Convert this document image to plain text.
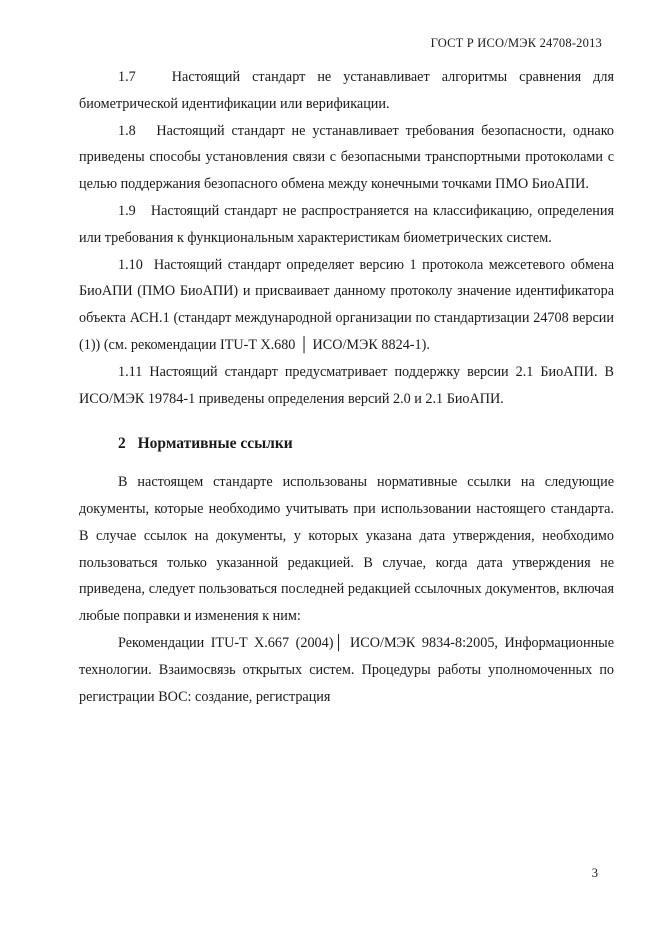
ГОСТ Р ИСО/МЭК 24708-2013

1.7   Настоящий стандарт не устанавливает алгоритмы сравнения для биометрической идентификации или верификации.

1.8   Настоящий стандарт не устанавливает требования безопасности, однако приведены способы установления связи с безопасными транспортными протоколами с целью поддержания безопасного обмена между конечными точками ПМО БиоАПИ.

1.9   Настоящий стандарт не распространяется на классификацию, определения или требования к функциональным характеристикам биометрических систем.

1.10  Настоящий стандарт определяет версию 1 протокола межсетевого обмена БиоАПИ (ПМО БиоАПИ) и присваивает данному протоколу значение идентификатора объекта АСН.1 (стандарт международной организации по стандартизации 24708 версии (1)) (см. рекомендации ITU-T X.680 │ ИСО/МЭК 8824-1).

1.11 Настоящий стандарт предусматривает поддержку версии 2.1 БиоАПИ. В ИСО/МЭК 19784-1 приведены определения версий 2.0 и 2.1 БиоАПИ.

2 Нормативные ссылки

В настоящем стандарте использованы нормативные ссылки на следующие документы, которые необходимо учитывать при использовании настоящего стандарта. В случае ссылок на документы, у которых указана дата утверждения, необходимо пользоваться только указанной редакцией. В случае, когда дата утверждения не приведена, следует пользоваться последней редакцией ссылочных документов, включая любые поправки и изменения к ним:

Рекомендации ITU-T X.667 (2004)│ ИСО/МЭК 9834-8:2005, Информационные технологии. Взаимосвязь открытых систем. Процедуры работы уполномоченных по регистрации ВОС: создание, регистрация

3
